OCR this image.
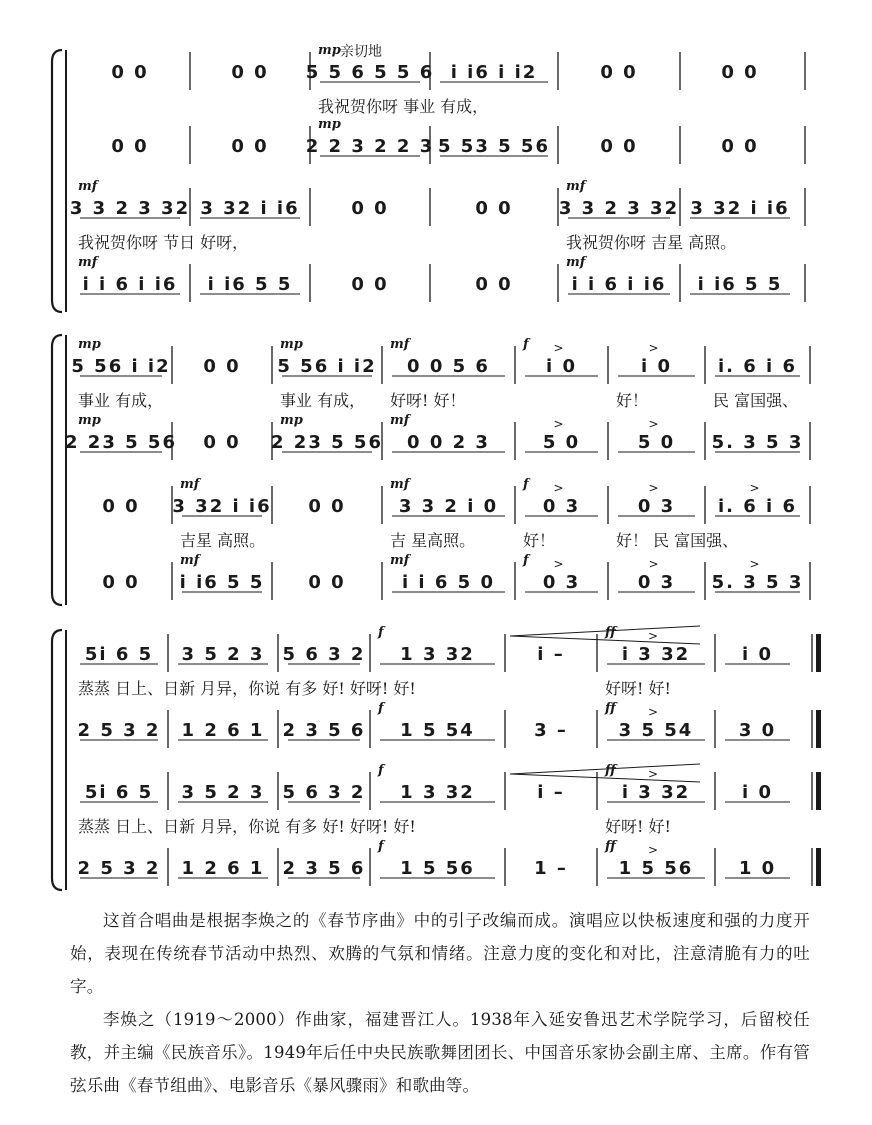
0 0	0 0 5 5 6 5 5 6
mp 亲切地
i i6 i i2	0 0	0 0
我祝贺你呀 事业 有成，
0 0	0 0 2 2 3 2 2 3
mp
5 53 5 56	0 0	0 0
3 3 2 3 32
mf
3 32 i i6	0 0	0 0	3 3 2 3 32
mf
3 32 i i6
我祝贺你呀 节日 好呀，	我祝贺你呀 吉星 高照。
i i 6 i i6
mf
i i6 5 5	0 0	0 0	i i 6 i i6
mf
i i6 5 5
5 56 i i2
mp
0 0 5 56 i i2
mp
0 0 5 6
mf
i 0
f >
i 0
>
i. 6 i 6
事业 有成，	事业 有成， 好呀! 好！	好！	民 富国强、
2 23 5 56
mp
0 0 2 23 5 56
mp
0 0 2 3
mf
5 0
>
5 0
>
5. 3 5 3
0 0 3 32 i i6
mf
0 0	3 3 2 i 0
mf
0 3
f >
0 3
>
i. 6 i 6
>
吉星 高照。	吉 星高照。	好！	好！ 民 富国强、
0 0 i i6 5 5
mf
0 0	i i 6 5 0
mf
0 3
f >
0 3
>
5. 3 5 3
>
5i 6 5 3 5 2 3 5 6 3 2 1 3 32
f
i –	i 3 32
ff	>
i 0
蒸蒸 日上、日新 月异，你说 有多 好! 好呀! 好!	好呀! 好!
2 5 3 2 1 2 6 1 2 3 5 6 1 5 54
f
3 –	3 5 54
ff	>
3 0
5i 6 5 3 5 2 3 5 6 3 2 1 3 32
f
i –	i 3 32
ff	>
i 0
蒸蒸 日上、日新 月异，你说 有多 好! 好呀! 好!	好呀! 好!
2 5 3 2 1 2 6 1 2 3 5 6 1 5 56
f
1 –	1 5 56
ff	>
1 0

这首合唱曲是根据李焕之的《春节序曲》中的引子改编而成。演唱应以快板速度和强的力度开始，表现在传统春节活动中热烈、欢腾的气氛和情绪。注意力度的变化和对比，注意清脆有力的吐字。

李焕之（1919～2000）作曲家，福建晋江人。1938年入延安鲁迅艺术学院学习，后留校任教，并主编《民族音乐》。1949年后任中央民族歌舞团团长、中国音乐家协会副主席、主席。作有管弦乐曲《春节组曲》、电影音乐《暴风骤雨》和歌曲等。
